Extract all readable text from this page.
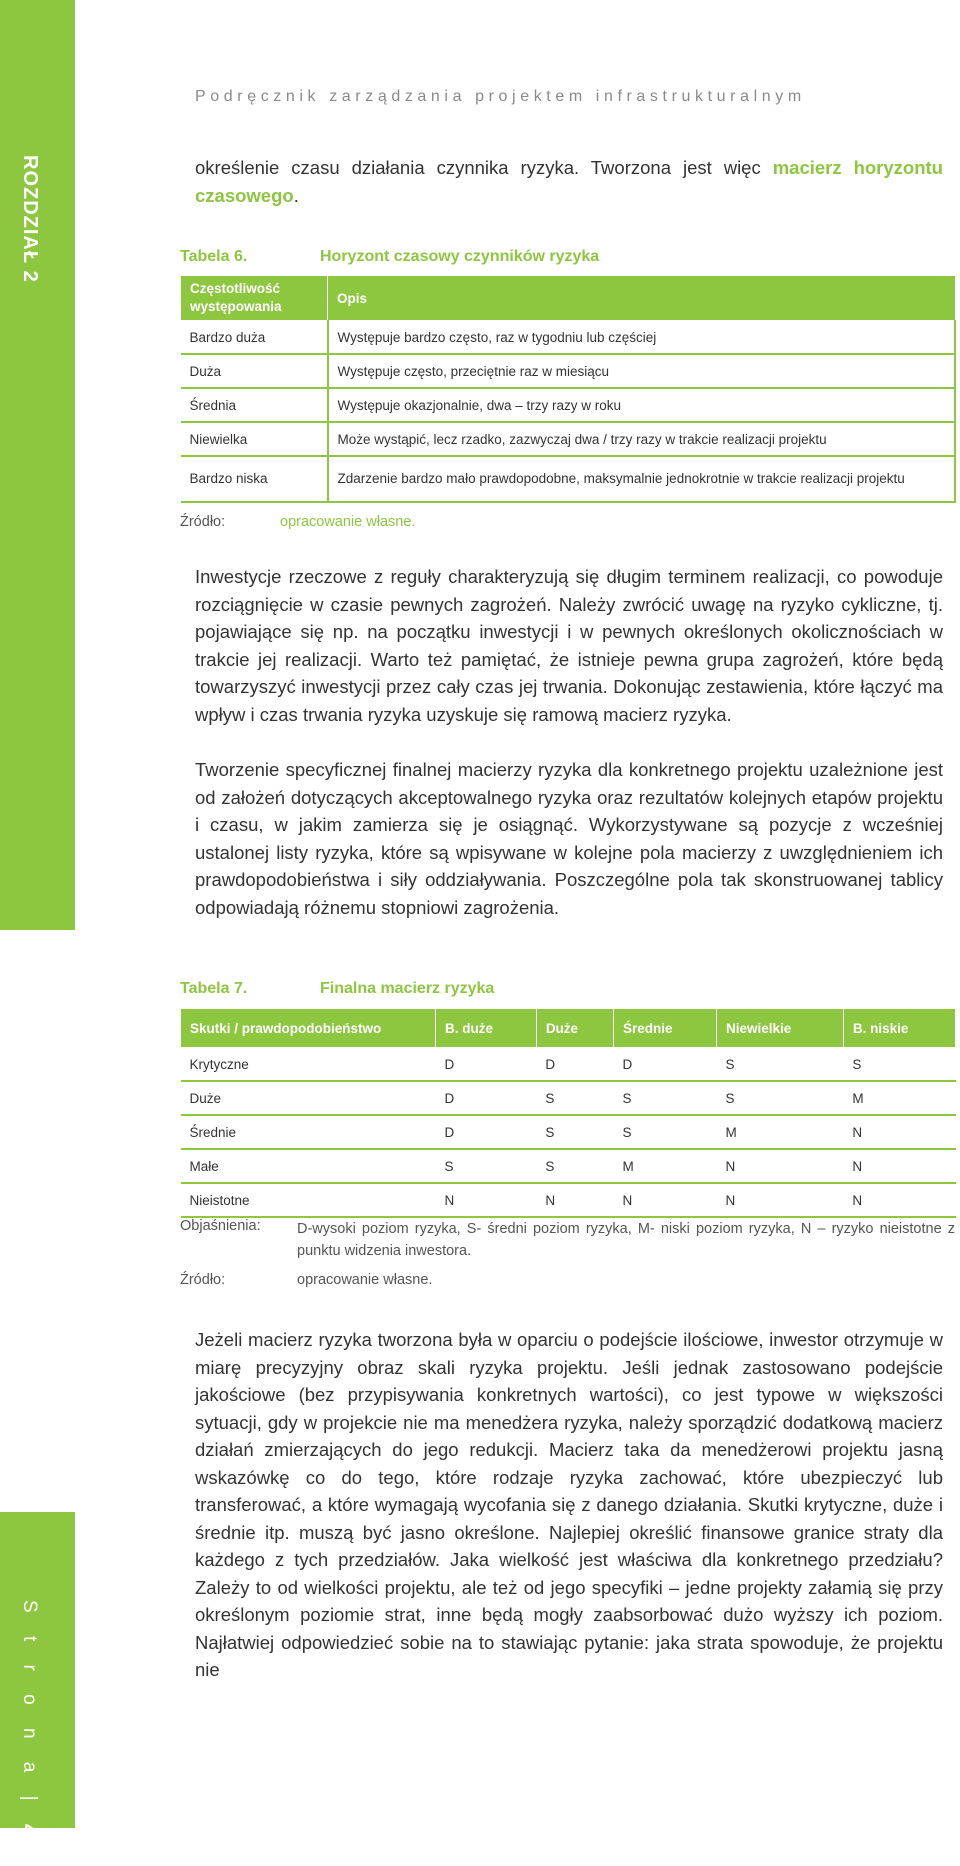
ROZDZIAŁ 2
S t r o n a | 4 2
Podręcznik zarządzania projektem infrastrukturalnym
określenie czasu działania czynnika ryzyka. Tworzona jest więc macierz horyzontu czasowego.
Tabela 6.	Horyzont czasowy czynników ryzyka
Częstotliwość występowania	Opis
Bardzo duża	Występuje bardzo często, raz w tygodniu lub częściej
Duża	Występuje często, przeciętnie raz w miesiącu
Średnia	Występuje okazjonalnie, dwa – trzy razy w roku
Niewielka	Może wystąpić, lecz rzadko, zazwyczaj dwa / trzy razy w trakcie realizacji projektu
Bardzo niska	Zdarzenie bardzo mało prawdopodobne, maksymalnie jednokrotnie w trakcie realizacji projektu
Źródło:	opracowanie własne.
Inwestycje rzeczowe z reguły charakteryzują się długim terminem realizacji, co powoduje rozciągnięcie w czasie pewnych zagrożeń. Należy zwrócić uwagę na ryzyko cykliczne, tj. pojawiające się np. na początku inwestycji i w pewnych określonych okolicznościach w trakcie jej realizacji. Warto też pamiętać, że istnieje pewna grupa zagrożeń, które będą towarzyszyć inwestycji przez cały czas jej trwania. Dokonując zestawienia, które łączyć ma wpływ i czas trwania ryzyka uzyskuje się ramową macierz ryzyka.
Tworzenie specyficznej finalnej macierzy ryzyka dla konkretnego projektu uzależnione jest od założeń dotyczących akceptowalnego ryzyka oraz rezultatów kolejnych etapów projektu i czasu, w jakim zamierza się je osiągnąć. Wykorzystywane są pozycje z wcześniej ustalonej listy ryzyka, które są wpisywane w kolejne pola macierzy z uwzględnieniem ich prawdopodobieństwa i siły oddziaływania. Poszczególne pola tak skonstruowanej tablicy odpowiadają różnemu stopniowi zagrożenia.
Tabela 7.	Finalna macierz ryzyka
Skutki / prawdopodobieństwo	B. duże	Duże	Średnie	Niewielkie	B. niskie
Krytyczne	D	D	D	S	S
Duże	D	S	S	S	M
Średnie	D	S	S	M	N
Małe	S	S	M	N	N
Nieistotne	N	N	N	N	N
Objaśnienia:	D-wysoki poziom ryzyka, S- średni poziom ryzyka, M- niski poziom ryzyka, N – ryzyko nieistotne z punktu widzenia inwestora.
Źródło:	opracowanie własne.
Jeżeli macierz ryzyka tworzona była w oparciu o podejście ilościowe, inwestor otrzymuje w miarę precyzyjny obraz skali ryzyka projektu. Jeśli jednak zastosowano podejście jakościowe (bez przypisywania konkretnych wartości), co jest typowe w większości sytuacji, gdy w projekcie nie ma menedżera ryzyka, należy sporządzić dodatkową macierz działań zmierzających do jego redukcji. Macierz taka da menedżerowi projektu jasną wskazówkę co do tego, które rodzaje ryzyka zachować, które ubezpieczyć lub transferować, a które wymagają wycofania się z danego działania. Skutki krytyczne, duże i średnie itp. muszą być jasno określone. Najlepiej określić finansowe granice straty dla każdego z tych przedziałów. Jaka wielkość jest właściwa dla konkretnego przedziału? Zależy to od wielkości projektu, ale też od jego specyfiki – jedne projekty załamią się przy określonym poziomie strat, inne będą mogły zaabsorbować dużo wyższy ich poziom. Najłatwiej odpowiedzieć sobie na to stawiając pytanie: jaka strata spowoduje, że projektu nie
